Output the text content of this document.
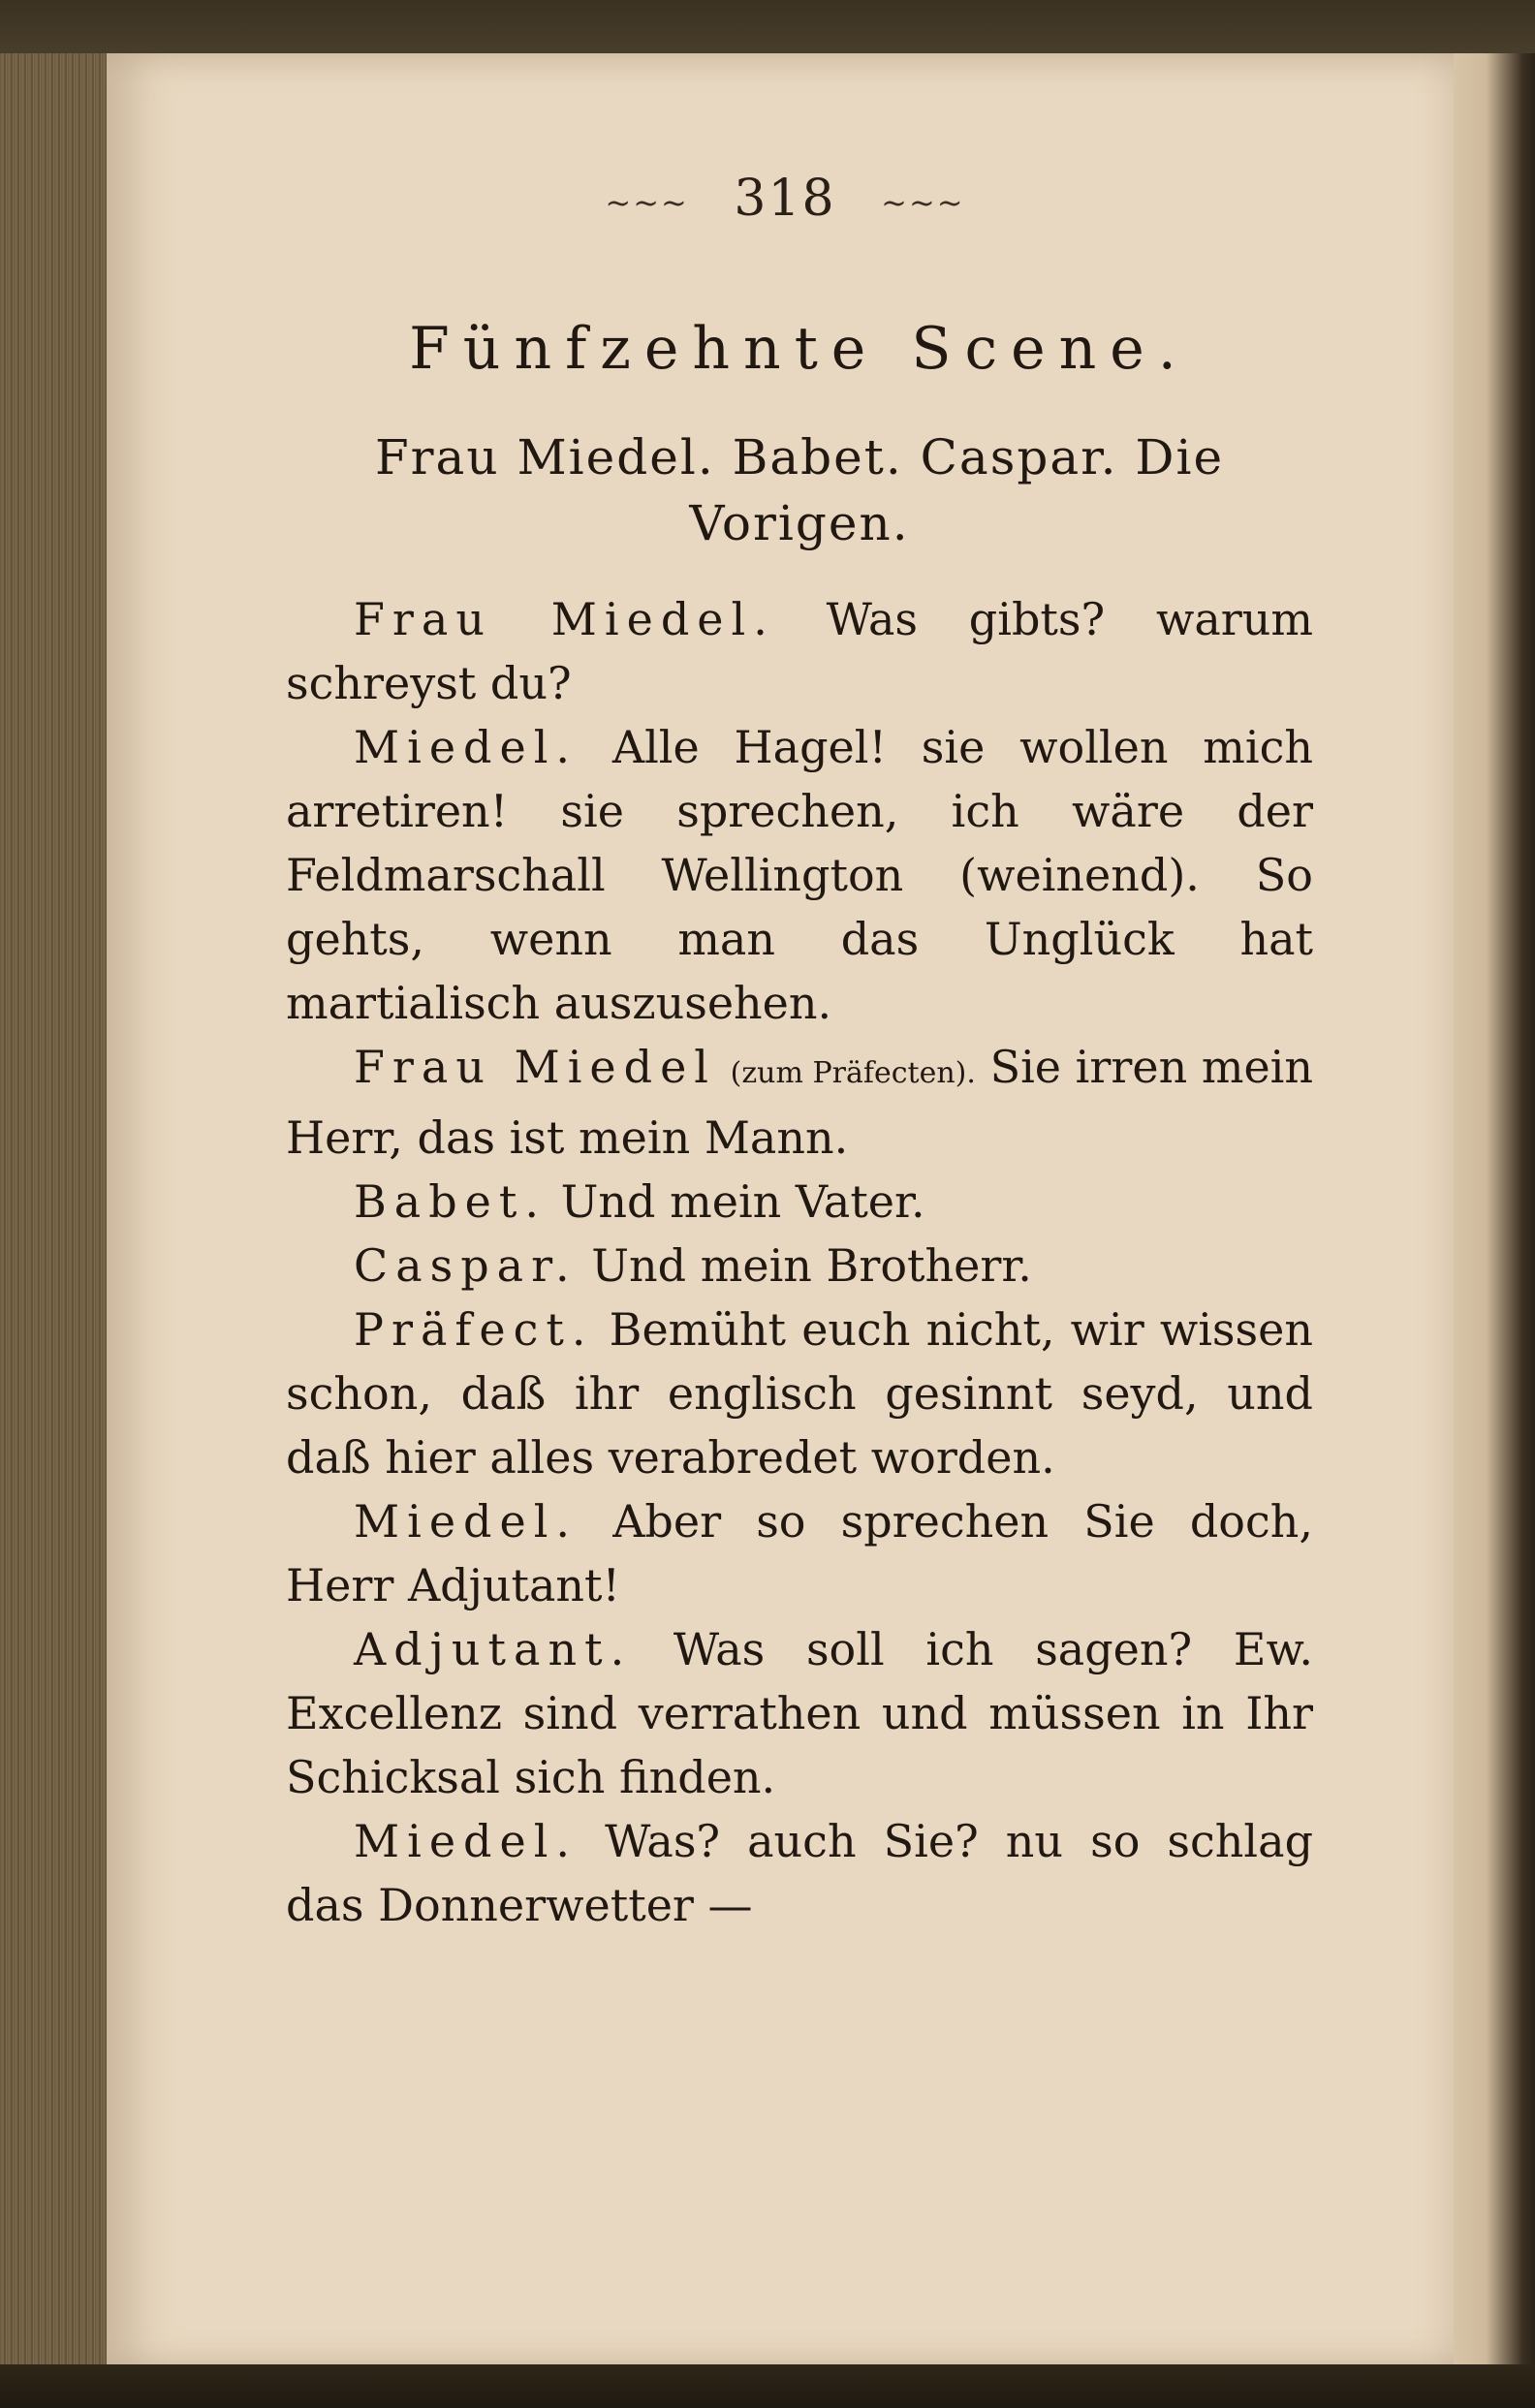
~~~ 318 ~~~
Fünfzehnte Scene.
Frau Miedel. Babet. Caspar. Die Vorigen.

Frau Miedel. Was gibts? warum schreyst du?

Miedel. Alle Hagel! sie wollen mich arretiren! sie sprechen, ich wäre der Feldmarschall Wellington (weinend). So gehts, wenn man das Unglück hat martialisch auszusehen.

Frau Miedel (zum Präfecten). Sie irren mein Herr, das ist mein Mann.

Babet. Und mein Vater.

Caspar. Und mein Brotherr.

Präfect. Bemüht euch nicht, wir wissen schon, daß ihr englisch gesinnt seyd, und daß hier alles verabredet worden.

Miedel. Aber so sprechen Sie doch, Herr Adjutant!

Adjutant. Was soll ich sagen? Ew. Excellenz sind verrathen und müssen in Ihr Schicksal sich finden.

Miedel. Was? auch Sie? nu so schlag das Donnerwetter —
